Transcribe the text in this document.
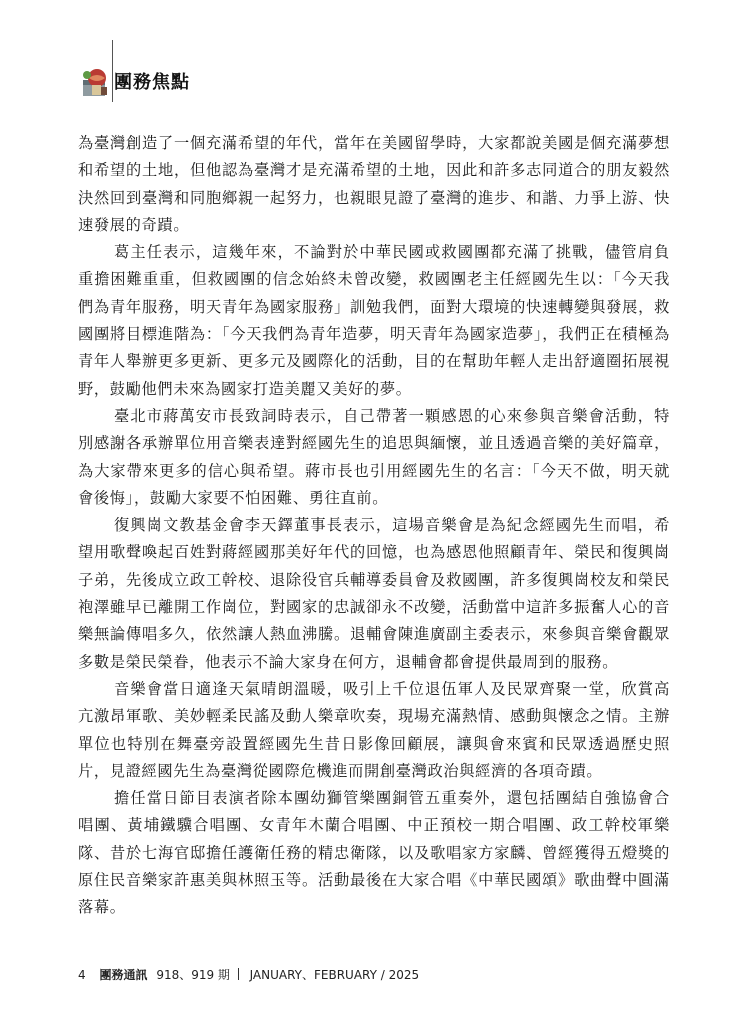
團務焦點

為臺灣創造了一個充滿希望的年代，當年在美國留學時，大家都說美國是個充滿夢想和希望的土地，但他認為臺灣才是充滿希望的土地，因此和許多志同道合的朋友毅然決然回到臺灣和同胞鄉親一起努力，也親眼見證了臺灣的進步、和諧、力爭上游、快速發展的奇蹟。

葛主任表示，這幾年來，不論對於中華民國或救國團都充滿了挑戰，儘管肩負重擔困難重重，但救國團的信念始終未曾改變，救國團老主任經國先生以：「今天我們為青年服務，明天青年為國家服務」訓勉我們，面對大環境的快速轉變與發展，救國團將目標進階為：「今天我們為青年造夢，明天青年為國家造夢」，我們正在積極為青年人舉辦更多更新、更多元及國際化的活動，目的在幫助年輕人走出舒適圈拓展視野，鼓勵他們未來為國家打造美麗又美好的夢。

臺北市蔣萬安市長致詞時表示，自己帶著一顆感恩的心來參與音樂會活動，特別感謝各承辦單位用音樂表達對經國先生的追思與緬懷，並且透過音樂的美好篇章，為大家帶來更多的信心與希望。蔣市長也引用經國先生的名言：「今天不做，明天就會後悔」，鼓勵大家要不怕困難、勇往直前。

復興崗文教基金會李天鐸董事長表示，這場音樂會是為紀念經國先生而唱，希望用歌聲喚起百姓對蔣經國那美好年代的回憶，也為感恩他照顧青年、榮民和復興崗子弟，先後成立政工幹校、退除役官兵輔導委員會及救國團，許多復興崗校友和榮民袍澤雖早已離開工作崗位，對國家的忠誠卻永不改變，活動當中這許多振奮人心的音樂無論傳唱多久，依然讓人熱血沸騰。退輔會陳進廣副主委表示，來參與音樂會觀眾多數是榮民榮眷，他表示不論大家身在何方，退輔會都會提供最周到的服務。

音樂會當日適逢天氣晴朗溫暖，吸引上千位退伍軍人及民眾齊聚一堂，欣賞高亢激昂軍歌、美妙輕柔民謠及動人樂章吹奏，現場充滿熱情、感動與懷念之情。主辦單位也特別在舞臺旁設置經國先生昔日影像回顧展，讓與會來賓和民眾透過歷史照片，見證經國先生為臺灣從國際危機進而開創臺灣政治與經濟的各項奇蹟。

擔任當日節目表演者除本團幼獅管樂團銅管五重奏外，還包括團結自強協會合唱團、黃埔鐵驥合唱團、女青年木蘭合唱團、中正預校一期合唱團、政工幹校軍樂隊、昔於七海官邸擔任護衛任務的精忠衛隊，以及歌唱家方家麟、曾經獲得五燈獎的原住民音樂家許惠美與林照玉等。活動最後在大家合唱《中華民國頌》歌曲聲中圓滿落幕。

4 團務通訊 918、919 期 JANUARY、FEBRUARY / 2025
